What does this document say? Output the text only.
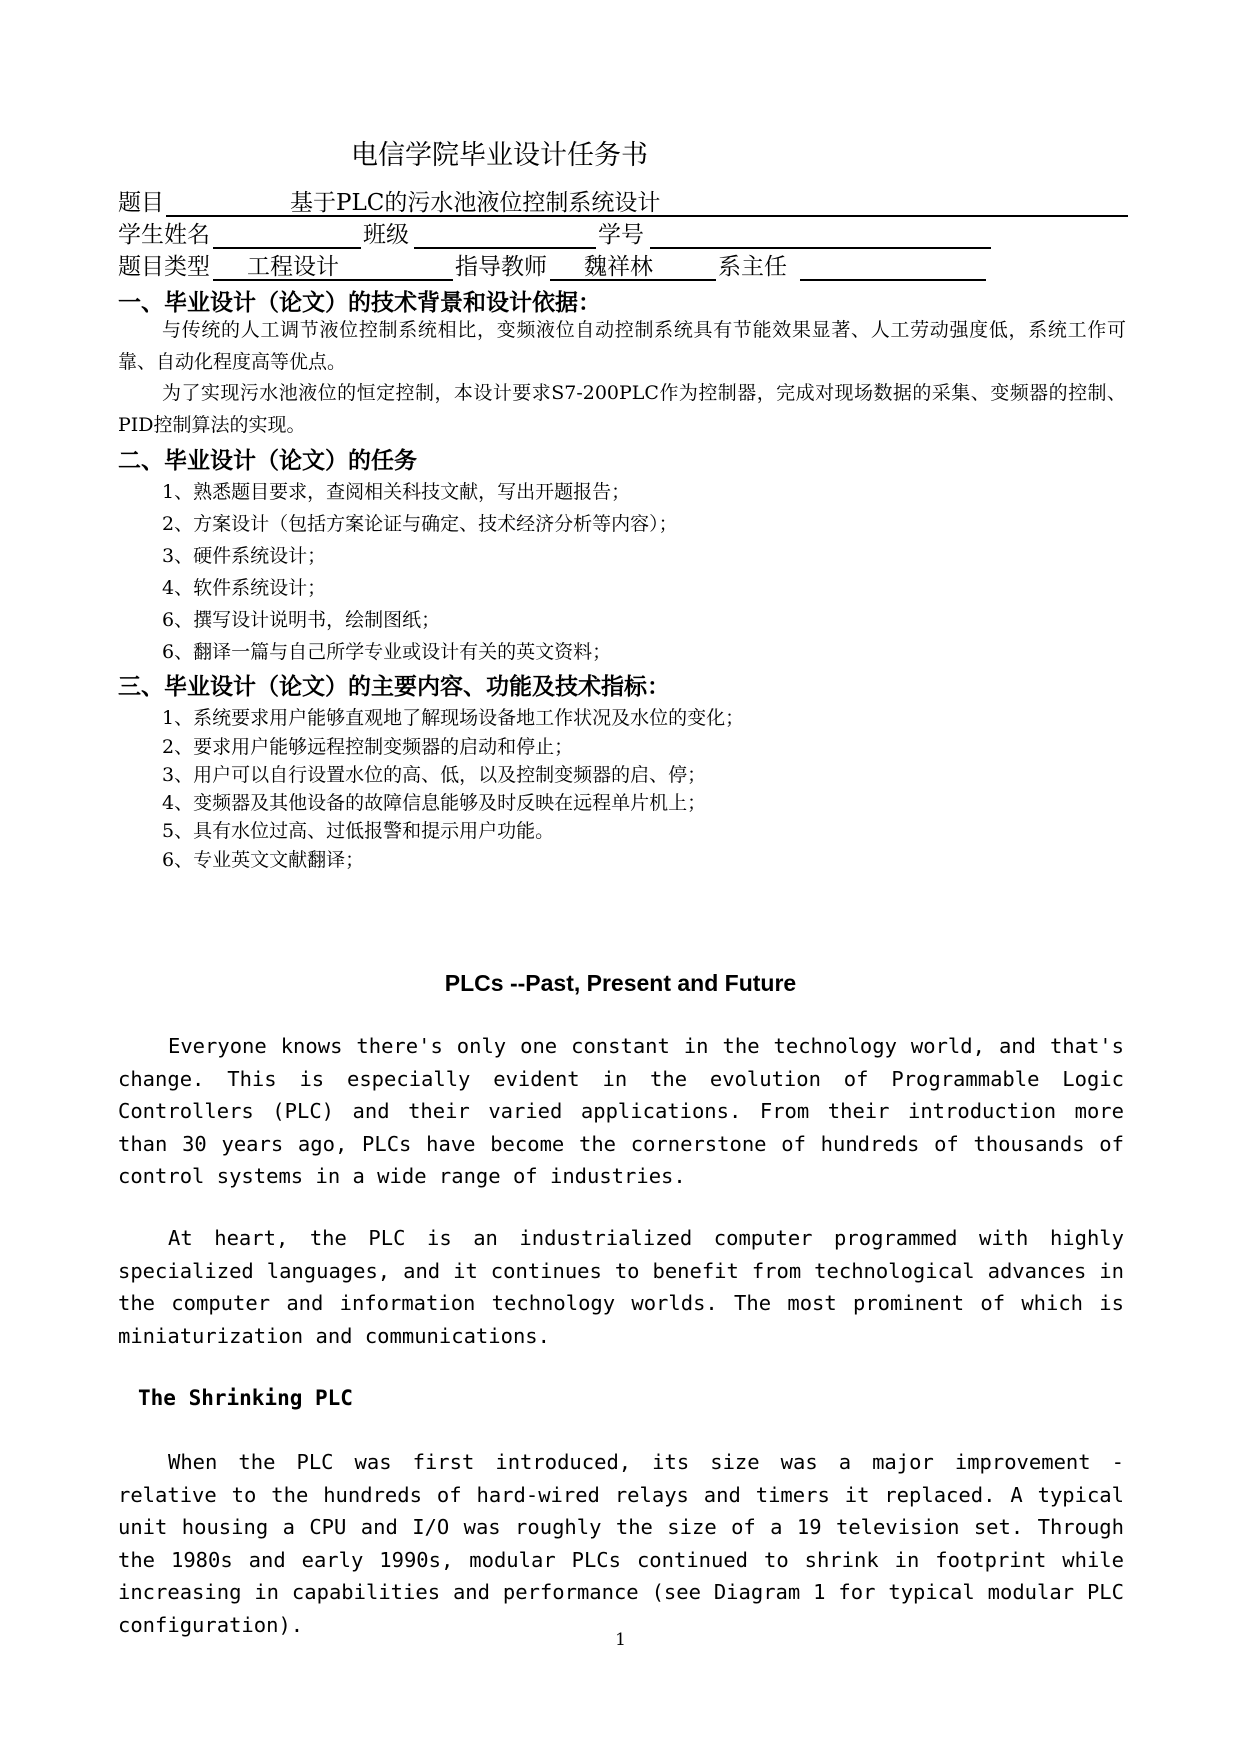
电信学院毕业设计任务书
题目	基于PLC的污水池液位控制系统设计
学生姓名	班级	学号
题目类型 工程设计	指导教师 魏祥林	系主任
一、毕业设计（论文）的技术背景和设计依据：
与传统的人工调节液位控制系统相比，变频液位自动控制系统具有节能效果显著、人工劳动强度低，系统工作可靠、自动化程度高等优点。
为了实现污水池液位的恒定控制，本设计要求S7-200PLC作为控制器，完成对现场数据的采集、变频器的控制、PID控制算法的实现。
二、毕业设计（论文）的任务
1、熟悉题目要求，查阅相关科技文献，写出开题报告；
2、方案设计（包括方案论证与确定、技术经济分析等内容）；
3、硬件系统设计；
4、软件系统设计；
6、撰写设计说明书，绘制图纸；
6、翻译一篇与自己所学专业或设计有关的英文资料；
三、毕业设计（论文）的主要内容、功能及技术指标：
1、系统要求用户能够直观地了解现场设备地工作状况及水位的变化；
2、要求用户能够远程控制变频器的启动和停止；
3、用户可以自行设置水位的高、低，以及控制变频器的启、停；
4、变频器及其他设备的故障信息能够及时反映在远程单片机上；
5、具有水位过高、过低报警和提示用户功能。
6、专业英文文献翻译；
PLCs --Past, Present and Future
Everyone knows there's only one constant in the technology world, and that's change. This is especially evident in the evolution of Programmable Logic Controllers (PLC) and their varied applications. From their introduction more than 30 years ago, PLCs have become the cornerstone of hundreds of thousands of control systems in a wide range of industries.
At heart, the PLC is an industrialized computer programmed with highly specialized languages, and it continues to benefit from technological advances in the computer and information technology worlds. The most prominent of which is miniaturization and communications.
The Shrinking PLC
When the PLC was first introduced, its size was a major improvement - relative to the hundreds of hard-wired relays and timers it replaced. A typical unit housing a CPU and I/O was roughly the size of a 19 television set. Through the 1980s and early 1990s, modular PLCs continued to shrink in footprint while increasing in capabilities and performance (see Diagram 1 for typical modular PLC configuration).
1
